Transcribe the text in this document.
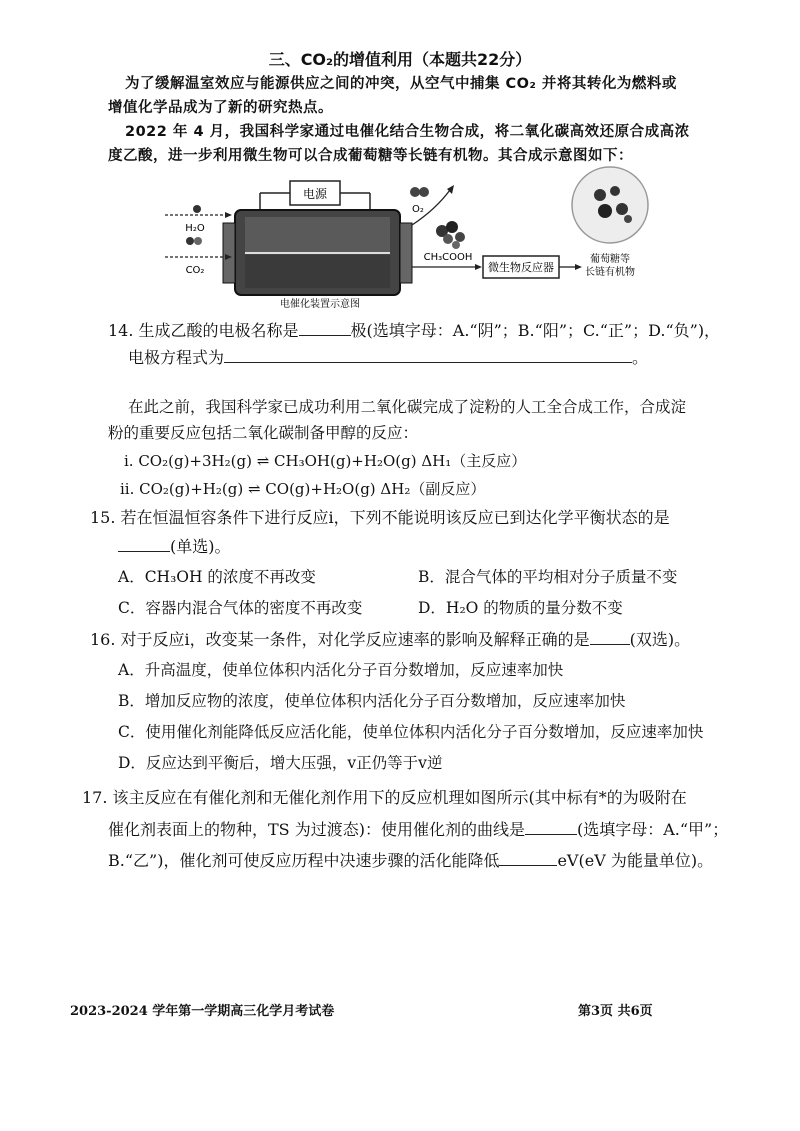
三、CO₂的增值利用（本题共22分）
为了缓解温室效应与能源供应之间的冲突，从空气中捕集 CO₂ 并将其转化为燃料或
增值化学品成为了新的研究热点。
2022 年 4 月，我国科学家通过电催化结合生物合成，将二氧化碳高效还原合成高浓
度乙酸，进一步利用微生物可以合成葡萄糖等长链有机物。其合成示意图如下：
电源
H₂O
CO₂
O₂
CH₃COOH
微生物反应器
葡萄糖等
长链有机物
电催化装置示意图
14. 生成乙酸的电极名称是	极(选填字母：A.“阴”；B.“阳”；C.“正”；D.“负”)，
电极方程式为	。
在此之前，我国科学家已成功利用二氧化碳完成了淀粉的人工全合成工作，合成淀
粉的重要反应包括二氧化碳制备甲醇的反应：
i. CO₂(g)+3H₂(g) ⇌ CH₃OH(g)+H₂O(g) ΔH₁（主反应）
ii. CO₂(g)+H₂(g) ⇌ CO(g)+H₂O(g) ΔH₂（副反应）
15. 若在恒温恒容条件下进行反应i，下列不能说明该反应已到达化学平衡状态的是
(单选)。
A．CH₃OH 的浓度不再改变	B．混合气体的平均相对分子质量不变
C．容器内混合气体的密度不再改变	D．H₂O 的物质的量分数不变
16. 对于反应i，改变某一条件，对化学反应速率的影响及解释正确的是	(双选)。
A．升高温度，使单位体积内活化分子百分数增加，反应速率加快
B．增加反应物的浓度，使单位体积内活化分子百分数增加，反应速率加快
C．使用催化剂能降低反应活化能，使单位体积内活化分子百分数增加，反应速率加快
D．反应达到平衡后，增大压强，v正仍等于v逆
17. 该主反应在有催化剂和无催化剂作用下的反应机理如图所示(其中标有*的为吸附在
催化剂表面上的物种，TS 为过渡态)：使用催化剂的曲线是	(选填字母：A.“甲”；
B.“乙”)，催化剂可使反应历程中决速步骤的活化能降低	eV(eV 为能量单位)。
2023-2024 学年第一学期高三化学月考试卷	第3页 共6页
